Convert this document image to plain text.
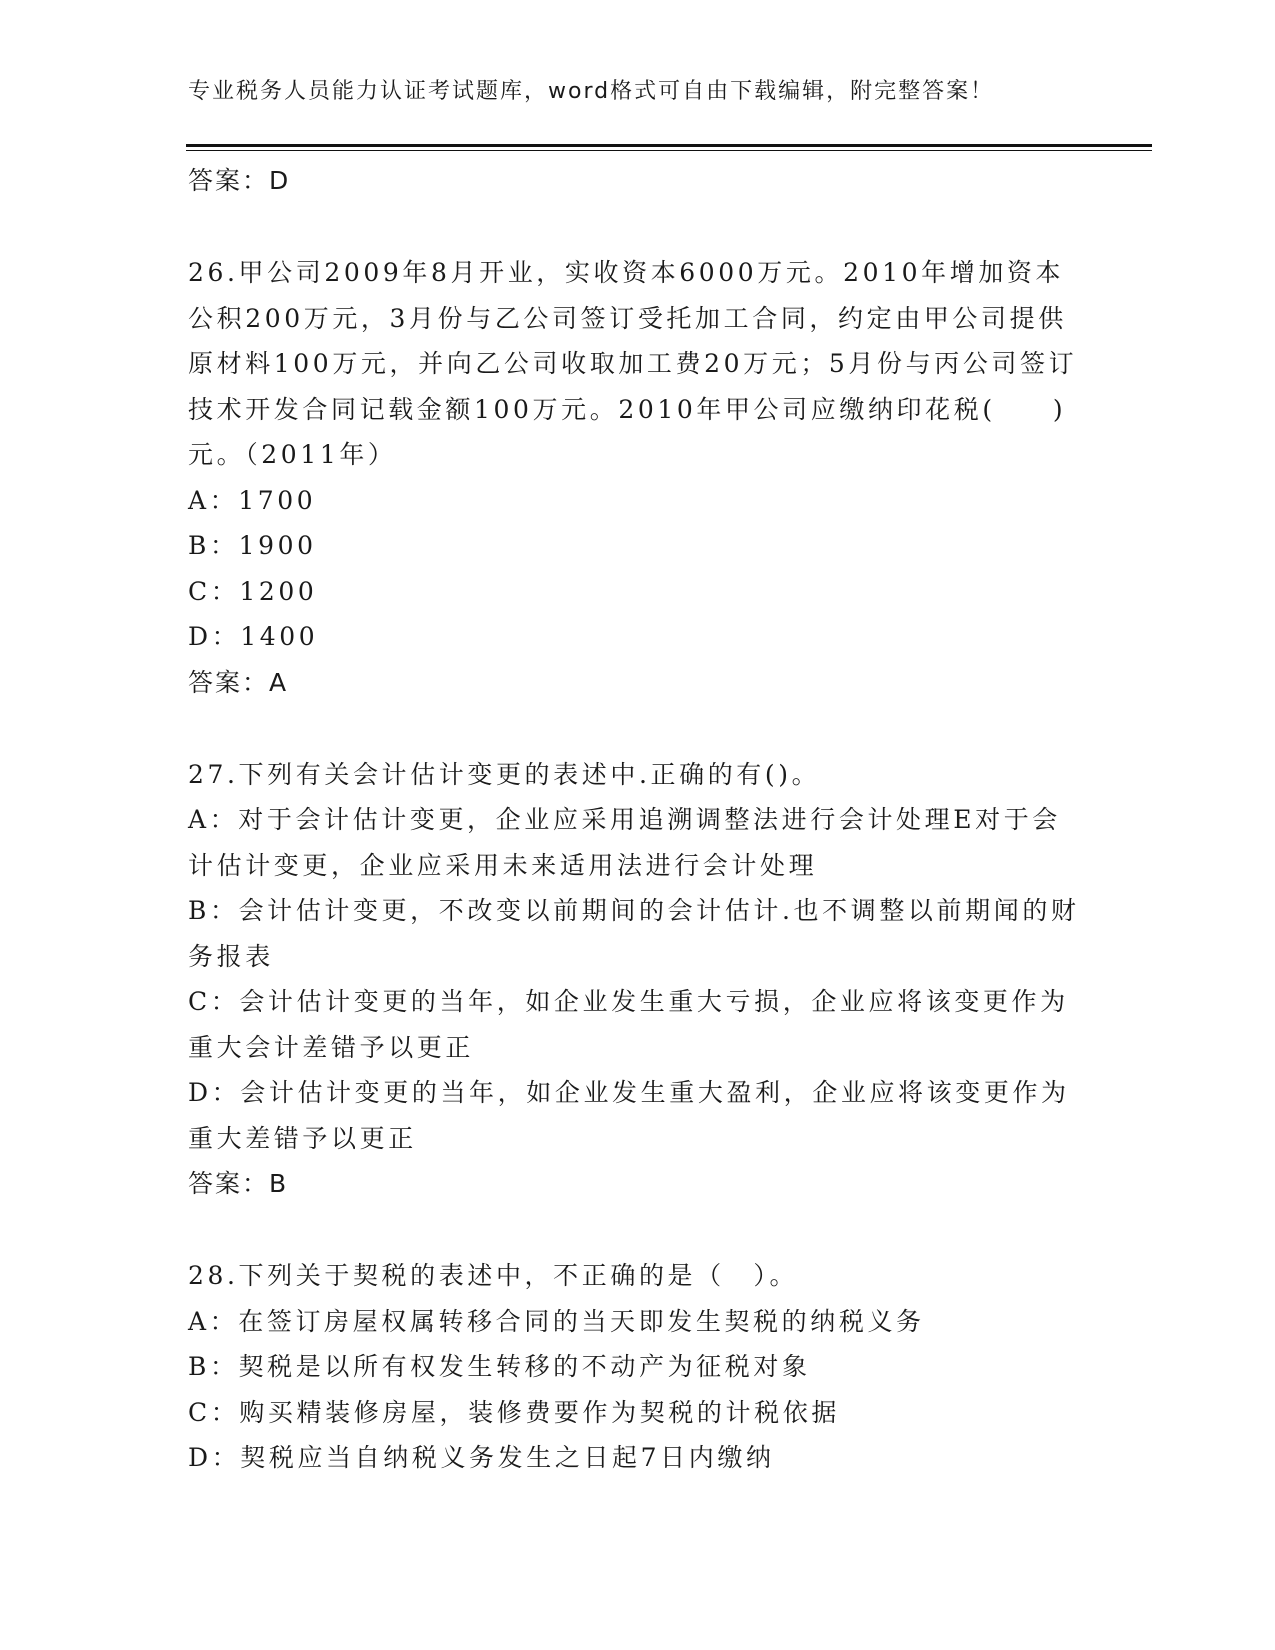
专业税务人员能力认证考试题库，word格式可自由下载编辑，附完整答案！
答案：D
26.甲公司2009年8月开业，实收资本6000万元。2010年增加资本公积200万元，3月份与乙公司签订受托加工合同，约定由甲公司提供原材料100万元，并向乙公司收取加工费20万元；5月份与丙公司签订技术开发合同记载金额100万元。2010年甲公司应缴纳印花税(　　)元。（2011年）
A：1700
B：1900
C：1200
D：1400
答案：A
27.下列有关会计估计变更的表述中.正确的有()。
A：对于会计估计变更，企业应采用追溯调整法进行会计处理E对于会计估计变更，企业应采用未来适用法进行会计处理
B：会计估计变更，不改变以前期间的会计估计.也不调整以前期闻的财务报表
C：会计估计变更的当年，如企业发生重大亏损，企业应将该变更作为重大会计差错予以更正
D：会计估计变更的当年，如企业发生重大盈利，企业应将该变更作为重大差错予以更正
答案：B
28.下列关于契税的表述中，不正确的是（　）。
A：在签订房屋权属转移合同的当天即发生契税的纳税义务
B：契税是以所有权发生转移的不动产为征税对象
C：购买精装修房屋，装修费要作为契税的计税依据
D：契税应当自纳税义务发生之日起7日内缴纳
